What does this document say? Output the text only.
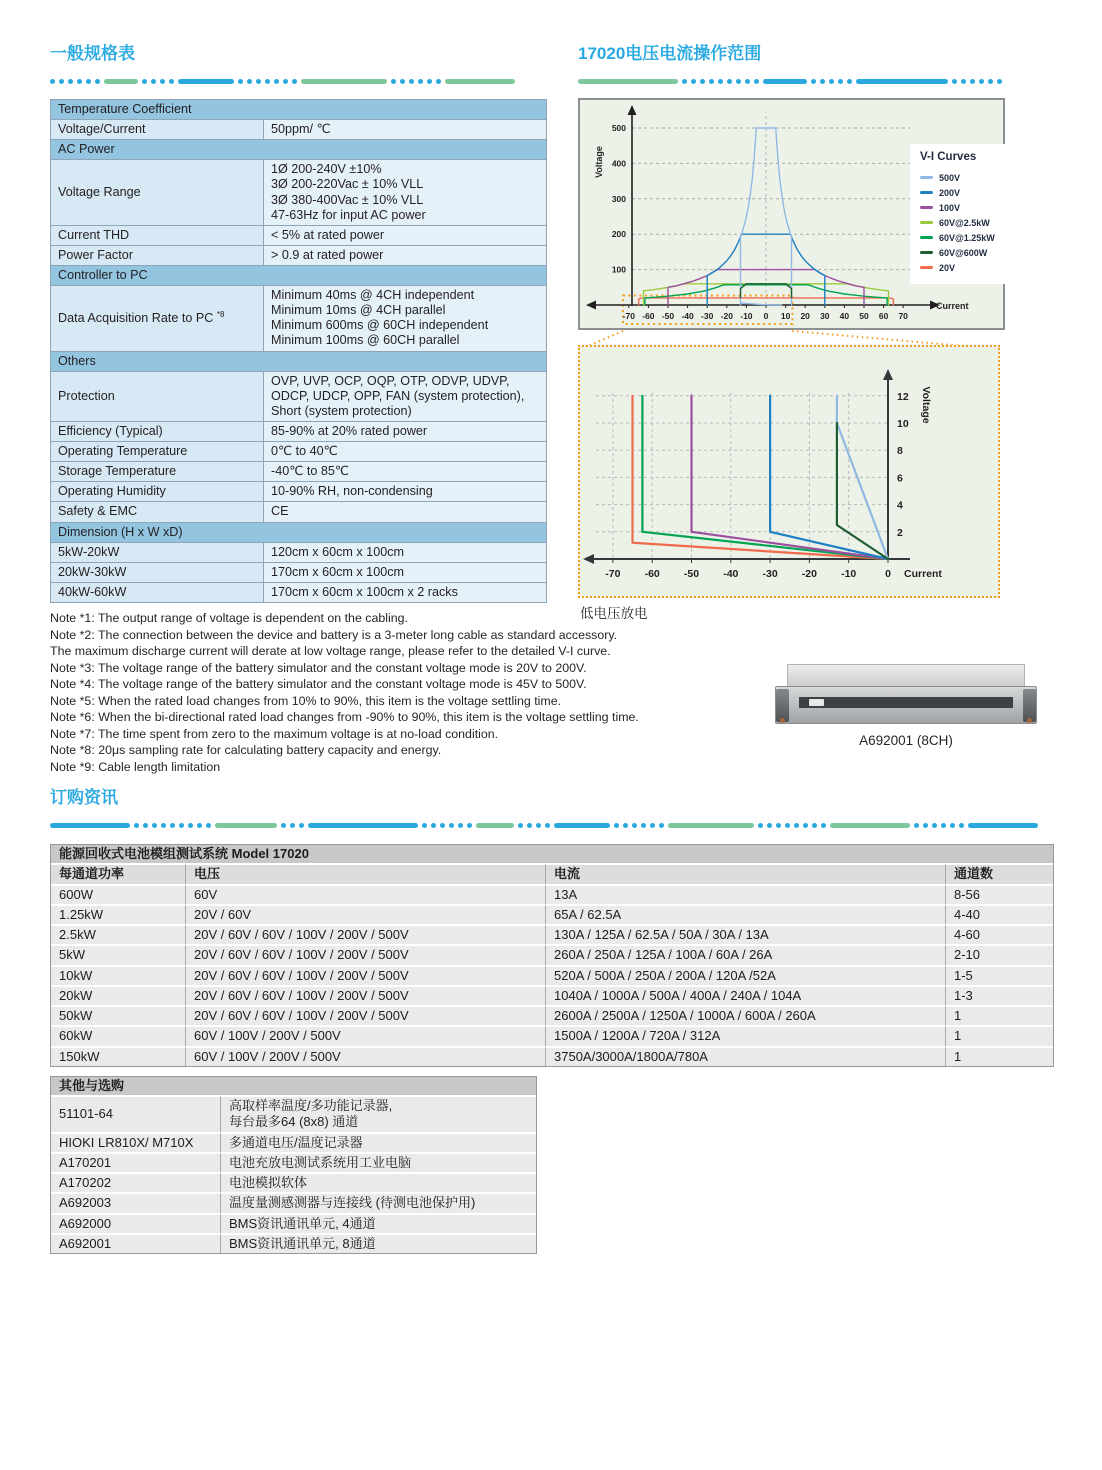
一般规格表
Temperature Coefficient	
Voltage/Current	50ppm/ ℃
AC Power	
Voltage Range	1Ø 200-240V ±10%
3Ø 200-220Vac ± 10% VLL
3Ø 380-400Vac ± 10% VLL
47-63Hz for input AC power
Current THD	< 5% at rated power
Power Factor	> 0.9 at rated power
Controller to PC	
Data Acquisition Rate to PC $^{*8}$	Minimum 40ms @ 4CH independent
Minimum 10ms @ 4CH parallel
Minimum 600ms @ 60CH independent
Minimum 100ms @ 60CH parallel
Others	
Protection	OVP, UVP, OCP, OQP, OTP, ODVP, UDVP,
ODCP, UDCP, OPP, FAN (system protection),
Short (system protection)
Efficiency (Typical)	85-90% at 20% rated power
Operating Temperature	0℃ to 40℃
Storage Temperature	-40℃ to 85℃
Operating Humidity	10-90% RH, non-condensing
Safety & EMC	CE
Dimension (H x W xD)	
5kW-20kW	120cm x 60cm x 100cm
20kW-30kW	170cm x 60cm x 100cm
40kW-60kW	170cm x 60cm x 100cm x 2 racks
Note *1: The output range of voltage is dependent on the cabling.
Note *2: The connection between the device and battery is a 3-meter long cable as standard accessory.
The maximum discharge current will derate at low voltage range, please refer to the detailed V-I curve.
Note *3: The voltage range of the battery simulator and the constant voltage mode is 20V to 200V.
Note *4: The voltage range of the battery simulator and the constant voltage mode is 45V to 500V.
Note *5: When the rated load changes from 10% to 90%, this item is the voltage settling time.
Note *6: When the bi-directional rated load changes from -90% to 90%, this item is the voltage settling time.
Note *7: The time spent from zero to the maximum voltage is at no-load condition.
Note *8: 20μs sampling rate for calculating battery capacity and energy.
Note *9: Cable length limitation
17020电压电流操作范围
-70 -60 -50 -40 -30 -20 -10 0 10 20 30 40 50 60 70
100
200
300
400
500
Current
Voltage	V-I Curves
500V
200V
100V
60V@2.5kW
60V@1.25kW
60V@600W
20V
-70 -60 -50 -40 -30 -20 -10	0
2
4
6
8
10
12
Current
Voltage
低电压放电
A692001 (8CH)
订购资讯
能源回收式电池模组测试系统 Model 17020			
每通道功率	电压	电流	通道数
600W	60V	13A	8-56
1.25kW	20V / 60V	65A / 62.5A	4-40
2.5kW	20V / 60V / 60V / 100V / 200V / 500V	130A / 125A / 62.5A / 50A / 30A / 13A	4-60
5kW	20V / 60V / 60V / 100V / 200V / 500V	260A / 250A / 125A / 100A / 60A / 26A	2-10
10kW	20V / 60V / 60V / 100V / 200V / 500V	520A / 500A / 250A / 200A / 120A /52A	1-5
20kW	20V / 60V / 60V / 100V / 200V / 500V	1040A / 1000A / 500A / 400A / 240A / 104A	1-3
50kW	20V / 60V / 60V / 100V / 200V / 500V	2600A / 2500A / 1250A / 1000A / 600A / 260A	1
60kW	60V / 100V / 200V / 500V	1500A / 1200A / 720A / 312A	1
150kW	60V / 100V / 200V / 500V	3750A/3000A/1800A/780A	1
其他与选购	
51101-64	高取样率温度/多功能记录器,
每台最多64 (8x8) 通道
HIOKI LR810X/ M710X	多通道电压/温度记录器
A170201	电池充放电测试系统用工业电脑
A170202	电池模拟软体
A692003	温度量测感测器与连接线 (待测电池保护用)
A692000	BMS资讯通讯单元, 4通道
A692001	BMS资讯通讯单元, 8通道
